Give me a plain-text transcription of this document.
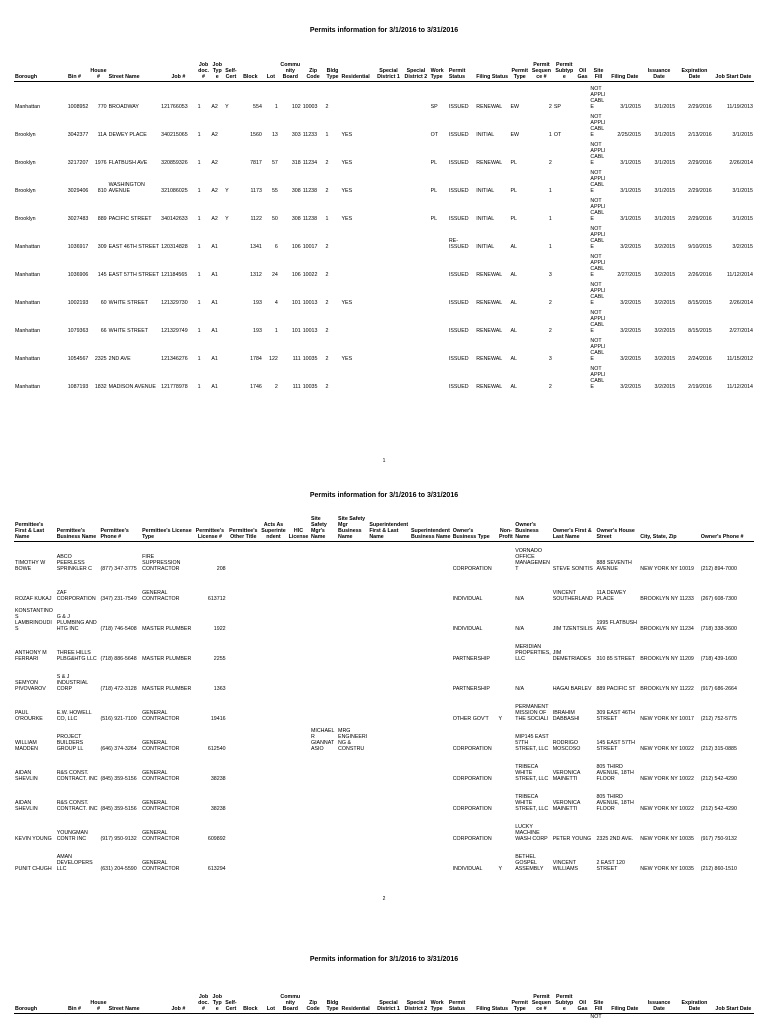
Permits information for 3/1/2016 to 3/31/2016
Borough	Bin #	House #	Street Name	Job #	Job doc. #	Job Type	Self-Cert	Block	Lot	Community Board	Zip Code	Bldg Type	Residential	Special District 1	Special District 2	Work Type	Permit Status	Filing Status	Permit Type	Permit Sequence #	Permit Subtype	Oil Gas	Site Fill	Filing Date	Issuance Date	Expiration Date	Job Start Date
Manhattan	1008952	770	BROADWAY	121766053	1	A2	Y	554	1	102	10003	2				SP	ISSUED	RENEWAL	EW	2	SP		NOT APPLICABLE	3/1/2015	3/1/2015	2/29/2016	11/19/2013
Brooklyn	3042377	11A	DEWEY PLACE	340215065	1	A2		1560	13	303	11233	1	YES			OT	ISSUED	INITIAL	EW	1	OT		NOT APPLICABLE	2/25/2015	3/1/2015	2/13/2016	3/1/2015
Brooklyn	3217207	1976	FLATBUSH AVE	320859326	1	A2		7817	57	318	11234	2	YES			PL	ISSUED	RENEWAL	PL	2			NOT APPLICABLE	3/1/2015	3/1/2015	2/29/2016	2/26/2014
Brooklyn	3029406	810	WASHINGTON AVENUE	321086025	1	A2	Y	1173	55	308	11238	2	YES			PL	ISSUED	INITIAL	PL	1			NOT APPLICABLE	3/1/2015	3/1/2015	2/29/2016	3/1/2015
Brooklyn	3027483	889	PACIFIC STREET	340142633	1	A2	Y	1122	50	308	11238	1	YES			PL	ISSUED	INITIAL	PL	1			NOT APPLICABLE	3/1/2015	3/1/2015	2/29/2016	3/1/2015
Manhattan	1036917	309	EAST 46TH STREET	120314828	1	A1		1341	6	106	10017	2					RE-ISSUED	INITIAL	AL	1			NOT APPLICABLE	3/2/2015	3/2/2015	9/10/2015	3/2/2015
Manhattan	1036906	145	EAST 57TH STREET	121184565	1	A1		1312	24	106	10022	2					ISSUED	RENEWAL	AL	3			NOT APPLICABLE	2/27/2015	3/2/2015	2/26/2016	11/12/2014
Manhattan	1002193	60	WHITE STREET	121329730	1	A1		193	4	101	10013	2	YES				ISSUED	RENEWAL	AL	2			NOT APPLICABLE	3/2/2015	3/2/2015	8/15/2015	2/26/2014
Manhattan	1079363	66	WHITE STREET	121329749	1	A1		193	1	101	10013	2					ISSUED	RENEWAL	AL	2			NOT APPLICABLE	3/2/2015	3/2/2015	8/15/2015	2/27/2014
Manhattan	1054567	2325	2ND AVE	121346276	1	A1		1784	122	111	10035	2	YES				ISSUED	RENEWAL	AL	3			NOT APPLICABLE	3/2/2015	3/2/2015	2/24/2016	11/15/2012
Manhattan	1087193	1832	MADISON AVENUE	121778978	1	A1		1746	2	111	10035	2					ISSUED	RENEWAL	AL	2			NOT APPLICABLE	3/2/2015	3/2/2015	2/19/2016	11/12/2014
1
Permits information for 3/1/2016 to 3/31/2016
Permittee's First & Last Name	Permittee's Business Name	Permittee's Phone #	Permittee's License Type	Permittee's License #	Permittee's Other Title	Acts As Superintendent	HIC License	Site Safety Mgr's Name	Site Safety Mgr Business Name	Superintendent First & Last Name	Superintendent Business Name	Owner's Business Type	Non-Profit	Owner's Business Name	Owner's First & Last Name	Owner's House Street	City, State, Zip	Owner's Phone #
TIMOTHY W BOWE	ABCO PEERLESS SPRINKLER C	(877) 347-3775	FIRE SUPPRESSION CONTRACTOR	208								CORPORATION		VORNADO OFFICE MANAGEMENT	STEVE SONITIS	888 SEVENTH AVENUE	NEW YORK NY 10019	(212) 894-7000
ROZAF KUKAJ	ZAF CORPORATION	(347) 231-7549	GENERAL CONTRACTOR	613712								INDIVIDUAL		N/A	VINCENT SOUTHERLAND	11A DEWEY PLACE	BROOKLYN NY 11233	(267) 608-7300
KONSTANTINOS LAMBRINOUDIS	G & J PLUMBING AND HTG INC	(718) 746-5408	MASTER PLUMBER	1922								INDIVIDUAL		N/A	JIM TZENTSILIS	1995 FLATBUSH AVE	BROOKLYN NY 11234	(718) 338-3600
ANTHONY M FERRARI	THREE HILLS PLBG&HTG LLC	(718) 886-5648	MASTER PLUMBER	2255								PARTNERSHIP		MERIDIAN PROPERTIES, LLC	JIM DEMETRIADES	310 85 STREET	BROOKLYN NY 11209	(718) 439-1600
SEMYON PIVOVAROV	S & J INDUSTRIAL CORP	(718) 472-3128	MASTER PLUMBER	1363								PARTNERSHIP		N/A	HAGAI BARLEV	889 PACIFIC ST	BROOKLYN NY 11222	(917) 686-2664
PAUL O'ROURKE	E.W. HOWELL CO, LLC	(516) 921-7100	GENERAL CONTRACTOR	19416								OTHER GOV'T	Y	PERMANENT MISSION OF THE SOCIALI	IBRAHIM DABBASHI	309 EAST 46TH STREET	NEW YORK NY 10017	(212) 752-5775
WILLIAM MADDEN	PROJECT BUILDERS GROUP LL	(646) 374-3264	GENERAL CONTRACTOR	612540				MICHAEL R GIANNATASIO	MRG ENGINEERING & CONSTRU			CORPORATION		MIP145 EAST 57TH STREET, LLC	RODRIGO MOSCOSO	145 EAST 57TH STREET	NEW YORK NY 10022	(212) 315-0885
AIDAN SHEVLIN	R&S CONST. CONTRACT. INC	(845) 359-5156	GENERAL CONTRACTOR	38238								CORPORATION		TRIBECA WHITE STREET, LLC	VERONICA MAINETTI	805 THIRD AVENUE, 18TH FLOOR	NEW YORK NY 10022	(212) 542-4290
AIDAN SHEVLIN	R&S CONST. CONTRACT. INC	(845) 359-5156	GENERAL CONTRACTOR	38238								CORPORATION		TRIBECA WHITE STREET, LLC	VERONICA MAINETTI	805 THIRD AVENUE, 18TH FLOOR	NEW YORK NY 10022	(212) 542-4290
KEVIN YOUNG	YOUNGMAN CONTR INC	(917) 950-9132	GENERAL CONTRACTOR	609892								CORPORATION		LUCKY MACHINE WASH CORP	PETER YOUNG	2325 2ND AVE.	NEW YORK NY 10035	(917) 750-9132
PUNIT CHUGH	AMAN DEVELOPERS LLC	(631) 204-5590	GENERAL CONTRACTOR	613294								INDIVIDUAL	Y	BETHEL GOSPEL ASSEMBLY	VINCENT WILLIAMS	2 EAST 120 STREET	NEW YORK NY 10035	(212) 860-1510
2
Permits information for 3/1/2016 to 3/31/2016
Borough	Bin #	House #	Street Name	Job #	Job doc. #	Job Type	Self-Cert	Block	Lot	Community Board	Zip Code	Bldg Type	Residential	Special District 1	Special District 2	Work Type	Permit Status	Filing Status	Permit Type	Permit Sequence #	Permit Subtype	Oil Gas	Site Fill	Filing Date	Issuance Date	Expiration Date	Job Start Date
																							NOT				
